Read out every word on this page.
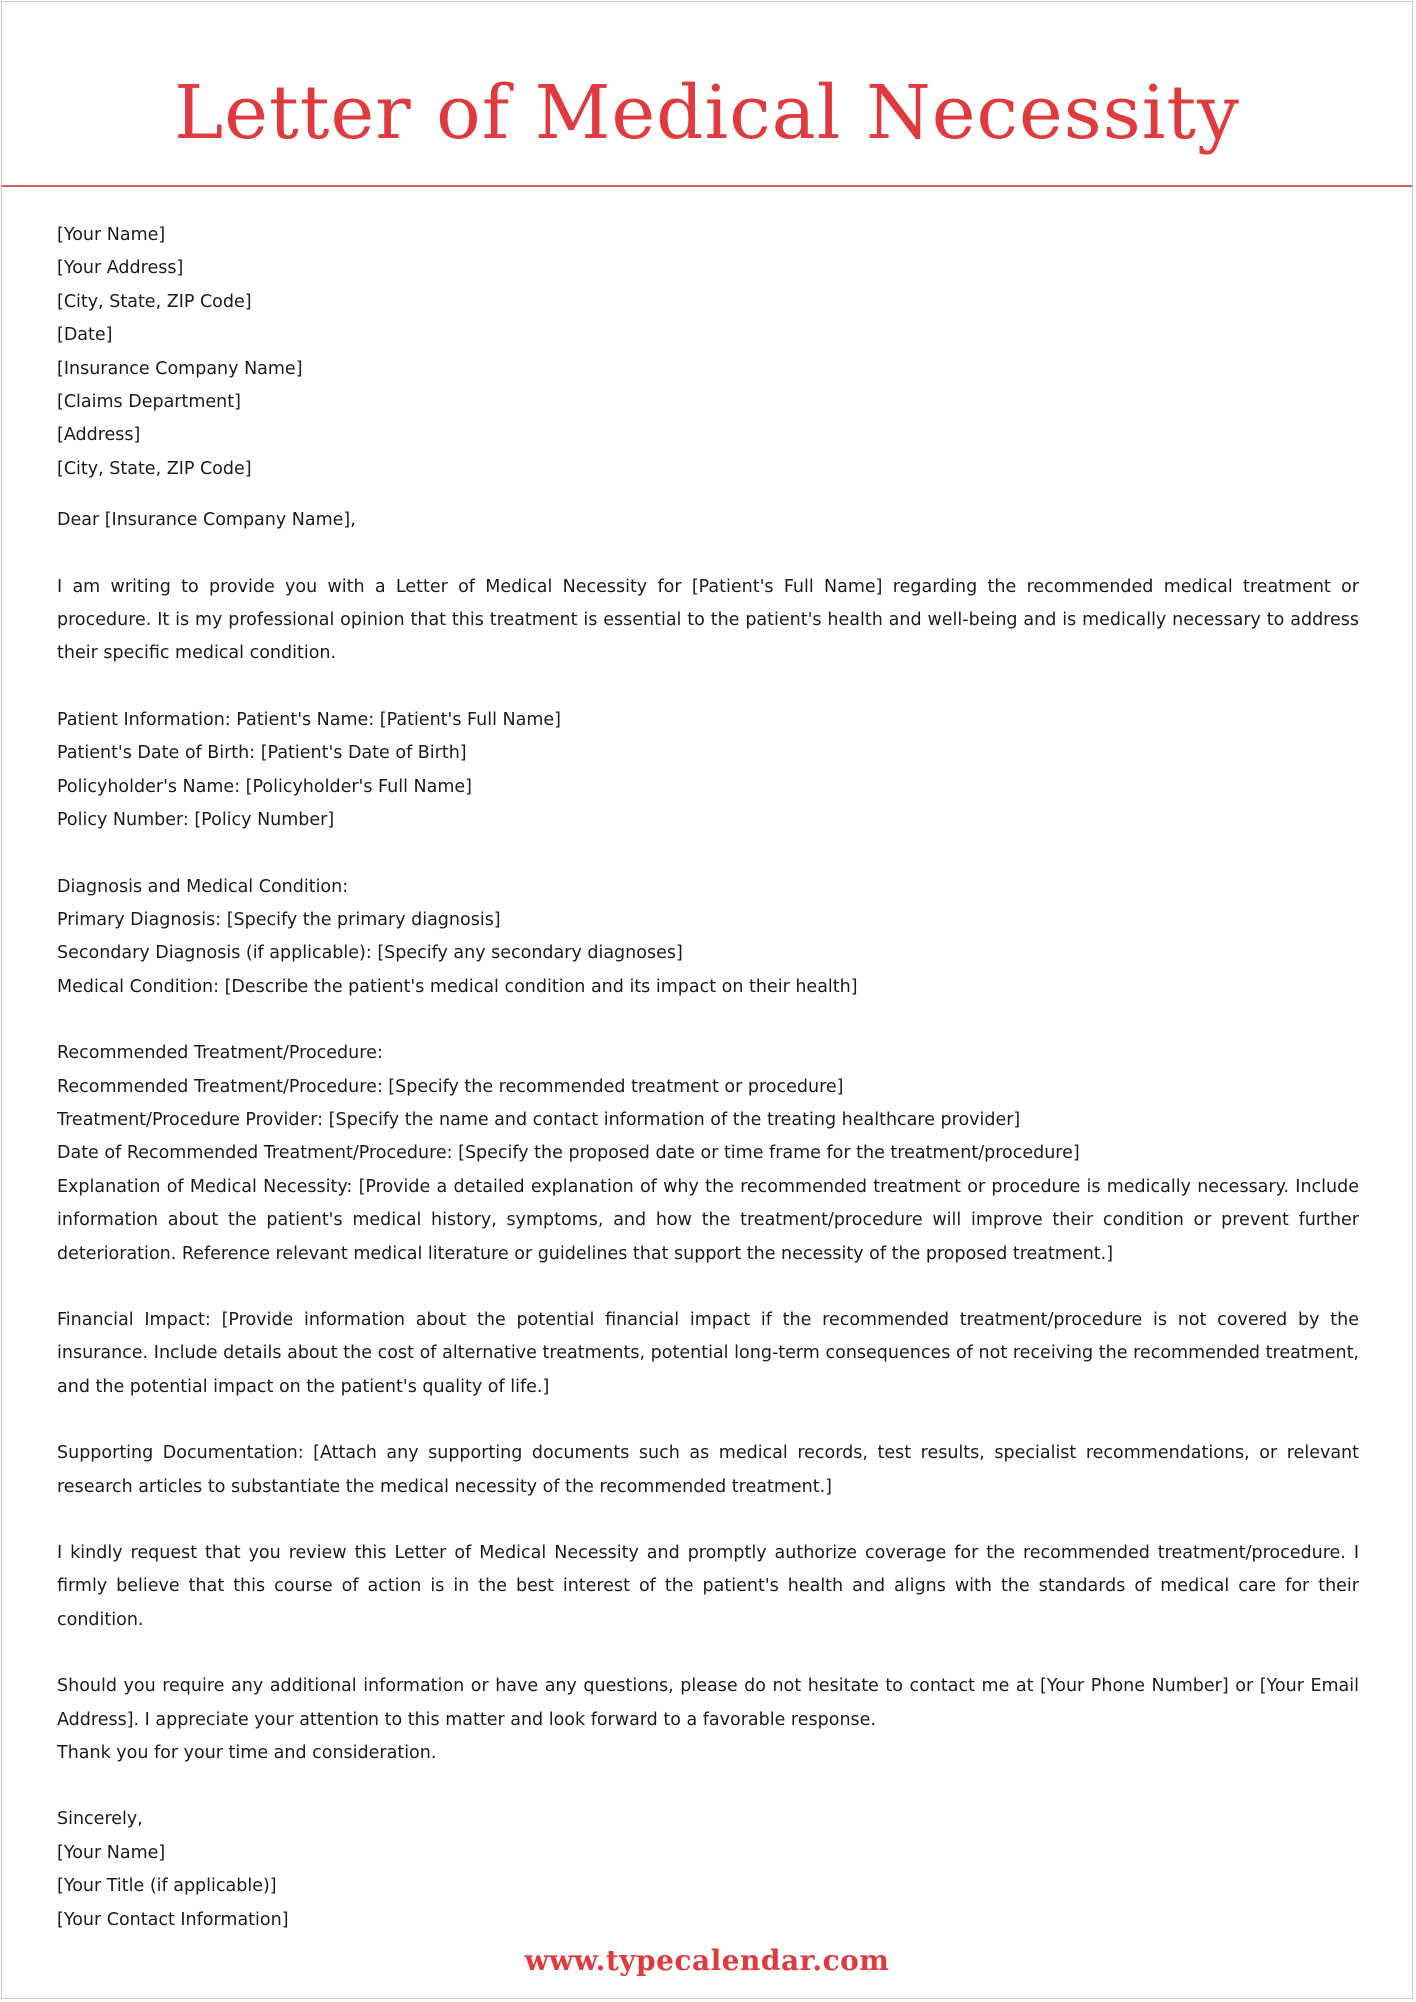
Letter of Medical Necessity
[Your Name]
[Your Address]
[City, State, ZIP Code]
[Date]
[Insurance Company Name]
[Claims Department]
[Address]
[City, State, ZIP Code]
Dear [Insurance Company Name],
I am writing to provide you with a Letter of Medical Necessity for [Patient's Full Name] regarding the recommended medical treatment or procedure. It is my professional opinion that this treatment is essential to the patient's health and well-being and is medically necessary to address their specific medical condition.
Patient Information: Patient's Name: [Patient's Full Name]
Patient's Date of Birth: [Patient's Date of Birth]
Policyholder's Name: [Policyholder's Full Name]
Policy Number: [Policy Number]
Diagnosis and Medical Condition:
Primary Diagnosis: [Specify the primary diagnosis]
Secondary Diagnosis (if applicable): [Specify any secondary diagnoses]
Medical Condition: [Describe the patient's medical condition and its impact on their health]
Recommended Treatment/Procedure:
Recommended Treatment/Procedure: [Specify the recommended treatment or procedure]
Treatment/Procedure Provider: [Specify the name and contact information of the treating healthcare provider]
Date of Recommended Treatment/Procedure: [Specify the proposed date or time frame for the treatment/procedure]
Explanation of Medical Necessity: [Provide a detailed explanation of why the recommended treatment or procedure is medically necessary. Include information about the patient's medical history, symptoms, and how the treatment/procedure will improve their condition or prevent further deterioration. Reference relevant medical literature or guidelines that support the necessity of the proposed treatment.]
Financial Impact: [Provide information about the potential financial impact if the recommended treatment/procedure is not covered by the insurance. Include details about the cost of alternative treatments, potential long-term consequences of not receiving the recommended treatment, and the potential impact on the patient's quality of life.]
Supporting Documentation: [Attach any supporting documents such as medical records, test results, specialist recommendations, or relevant research articles to substantiate the medical necessity of the recommended treatment.]
I kindly request that you review this Letter of Medical Necessity and promptly authorize coverage for the recommended treatment/procedure. I firmly believe that this course of action is in the best interest of the patient's health and aligns with the standards of medical care for their condition.
Should you require any additional information or have any questions, please do not hesitate to contact me at [Your Phone Number] or [Your Email Address]. I appreciate your attention to this matter and look forward to a favorable response.
Thank you for your time and consideration.
Sincerely,
[Your Name]
[Your Title (if applicable)]
[Your Contact Information]
www.typecalendar.com
